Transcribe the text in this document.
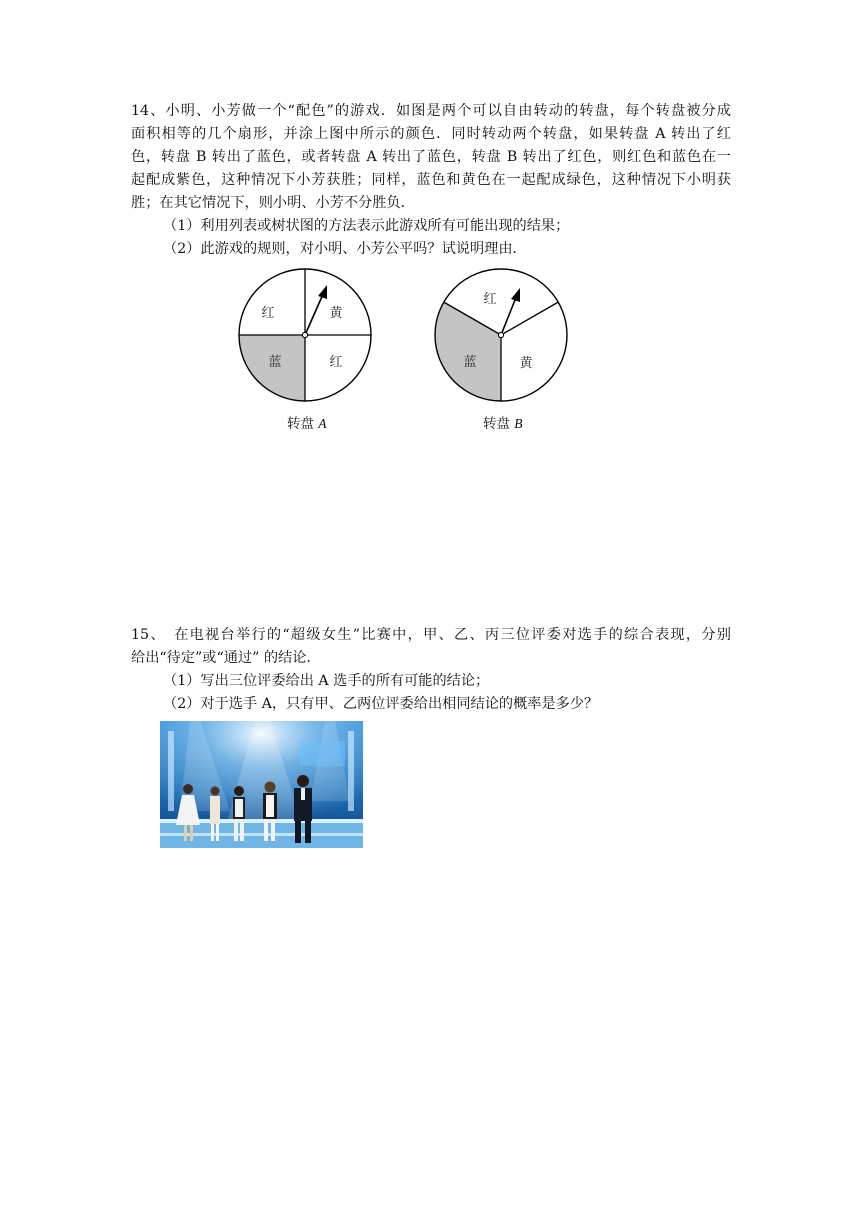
14、小明、小芳做一个“配色”的游戏．如图是两个可以自由转动的转盘，每个转盘被分成
面积相等的几个扇形，并涂上图中所示的颜色．同时转动两个转盘，如果转盘 A 转出了红
色，转盘 B 转出了蓝色，或者转盘 A 转出了蓝色，转盘 B 转出了红色，则红色和蓝色在一
起配成紫色，这种情况下小芳获胜；同样，蓝色和黄色在一起配成绿色，这种情况下小明获
胜；在其它情况下，则小明、小芳不分胜负．
（1）利用列表或树状图的方法表示此游戏所有可能出现的结果；
（2）此游戏的规则，对小明、小芳公平吗？试说明理由．
红	黄
蓝	红
转盘 A
红
蓝	黄
转盘 B
15、　在电视台举行的“超级女生”比赛中，甲、乙、丙三位评委对选手的综合表现，分别
给出“待定”或“通过” 的结论．
（1）写出三位评委给出 A 选手的所有可能的结论；
（2）对于选手 A，只有甲、乙两位评委给出相同结论的概率是多少？
